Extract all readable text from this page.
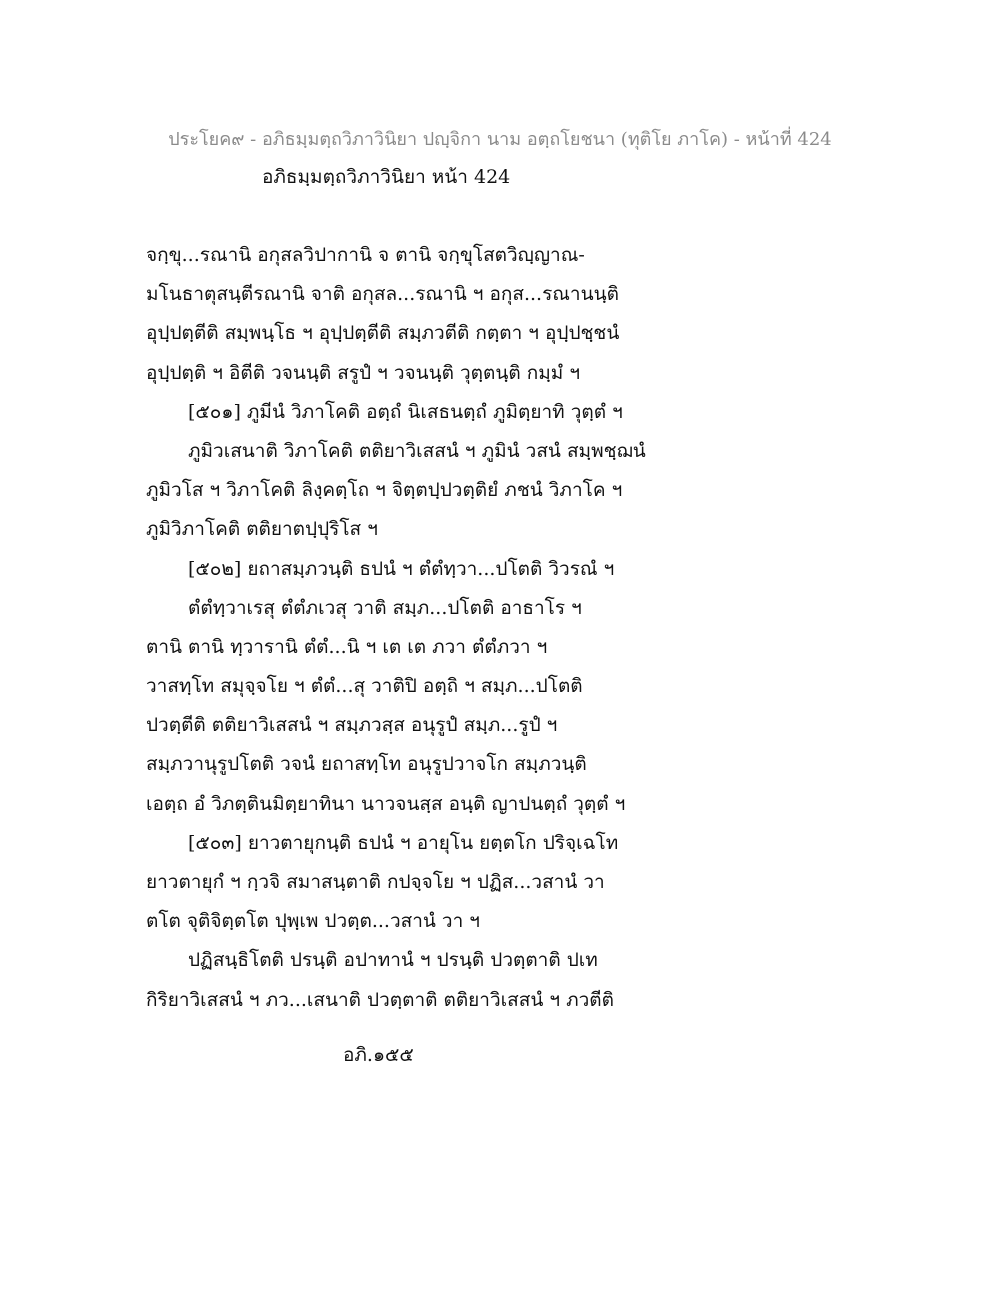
ประโยค๙ - อภิธมฺมตฺถวิภาวินิยา ปญฺจิกา นาม อตฺถโยชนา (ทุติโย ภาโค) - หน้าที่ 424
อภิธมฺมตฺถวิภาวินิยา หน้า 424
จกฺขุ...รณานิ อกุสลวิปากานิ จ ตานิ จกฺขุโสตวิญฺญาณ-
มโนธาตุสนฺตีรณานิ จาติ อกุสล...รณานิ ฯ อกุส...รณานนฺติ
อุปฺปตฺตีติ สมฺพนฺโธ ฯ อุปฺปตฺตีติ สมฺภวตีติ กตฺตา ฯ อุปฺปชฺชนํ
อุปฺปตฺติ ฯ อิตีติ วจนนฺติ สรูปํ ฯ วจนนฺติ วุตฺตนฺติ กมฺมํ ฯ
[๕๐๑] ภูมีนํ วิภาโคติ อตฺถํ นิเสธนตฺถํ ภูมิตฺยาทิ วุตฺตํ ฯ
ภูมิวเสนาติ วิภาโคติ ตติยาวิเสสนํ ฯ ภูมินํ วสนํ สมฺพชฺฌนํ
ภูมิวโส ฯ วิภาโคติ ลิงฺคตฺโถ ฯ จิตฺตปฺปวตฺติยํ ภชนํ วิภาโค ฯ
ภูมิวิภาโคติ ตติยาตปฺปุริโส ฯ
[๕๐๒] ยถาสมฺภวนฺติ ธปนํ ฯ ตํตํทฺวา...ปโตติ วิวรณํ ฯ
ตํตํทฺวาเรสุ ตํตํภเวสุ วาติ สมฺภ...ปโตติ อาธาโร ฯ
ตานิ ตานิ ทฺวารานิ ตํตํ...นิ ฯ เต เต ภวา ตํตํภวา ฯ
วาสทฺโท สมุจฺจโย ฯ ตํตํ...สุ วาติปิ อตฺถิ ฯ สมฺภ...ปโตติ
ปวตฺตีติ ตติยาวิเสสนํ ฯ สมฺภวสฺส อนุรูปํ สมฺภ...รูปํ ฯ
สมฺภวานุรูปโตติ วจนํ ยถาสทฺโท อนุรูปวาจโก สมฺภวนฺติ
เอตฺถ อํ วิภตฺตินมิตฺยาทินา นาวจนสฺส อนฺติ ญาปนตฺถํ วุตฺตํ ฯ
[๕๐๓] ยาวตายุกนฺติ ธปนํ ฯ อายุโน ยตฺตโก ปริจฺเฉโท
ยาวตายุกํ ฯ กฺวจิ สมาสนฺตาติ กปจฺจโย ฯ ปฏิส...วสานํ วา
ตโต จุติจิตฺตโต ปุพฺเพ ปวตฺต...วสานํ วา ฯ
ปฏิสนฺธิโตติ ปรนฺติ อปาทานํ ฯ ปรนฺติ ปวตฺตาติ ปเท
กิริยาวิเสสนํ ฯ ภว...เสนาติ ปวตฺตาติ ตติยาวิเสสนํ ฯ ภวตีติ
อภิ.๑๕๕
